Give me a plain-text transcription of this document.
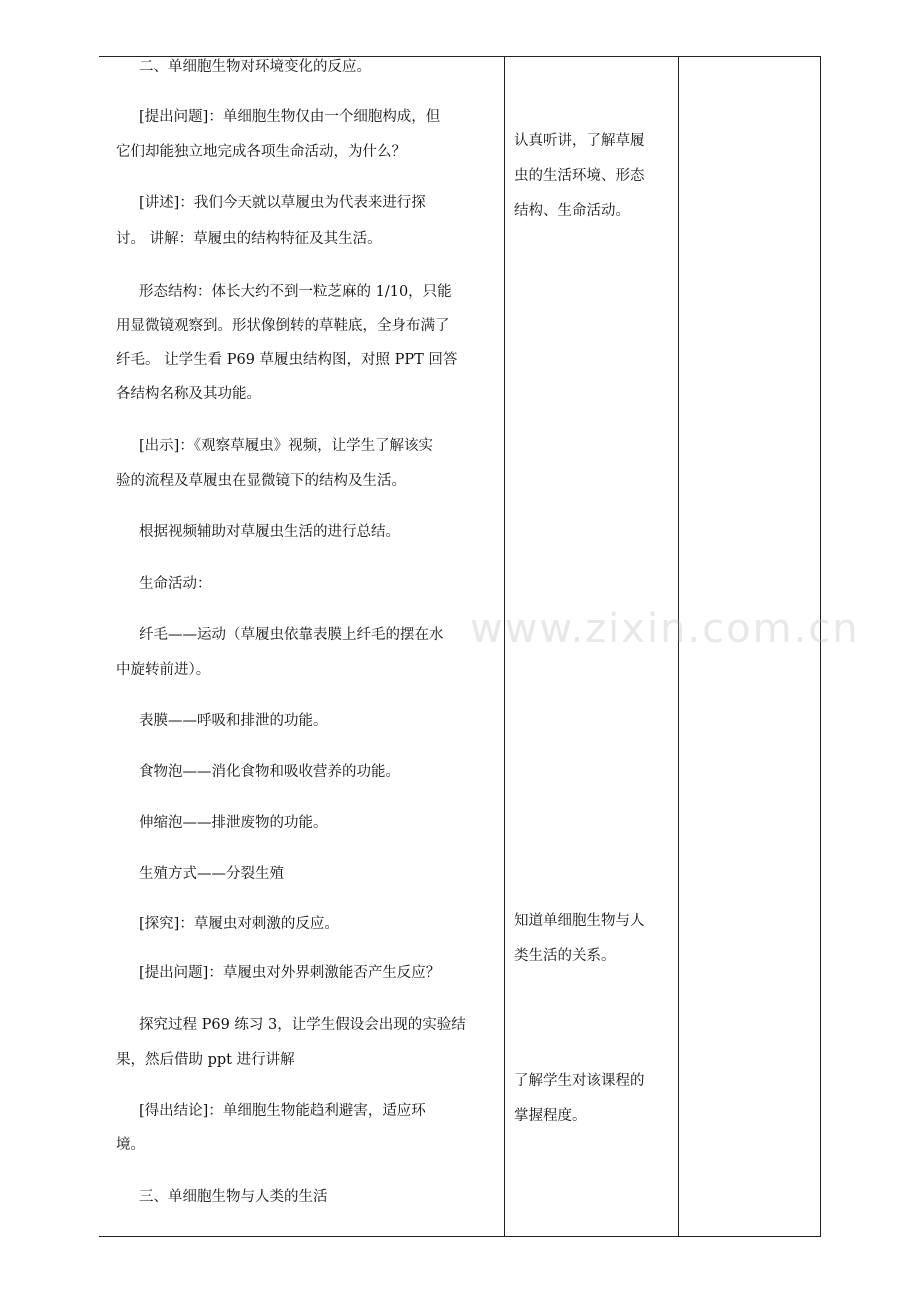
二、单细胞生物对环境变化的反应。

[提出问题]：单细胞生物仅由一个细胞构成，但

它们却能独立地完成各项生命活动，为什么？

[讲述]：我们今天就以草履虫为代表来进行探

讨。 讲解：草履虫的结构特征及其生活。

形态结构：体长大约不到一粒芝麻的 1/10，只能

用显微镜观察到。形状像倒转的草鞋底，全身布满了

纤毛。 让学生看 P69 草履虫结构图，对照 PPT 回答

各结构名称及其功能。

[出示]：《观察草履虫》视频，让学生了解该实

验的流程及草履虫在显微镜下的结构及生活。

根据视频辅助对草履虫生活的进行总结。

生命活动：

纤毛——运动（草履虫依靠表膜上纤毛的摆在水

中旋转前进）。

表膜——呼吸和排泄的功能。

食物泡——消化食物和吸收营养的功能。

伸缩泡——排泄废物的功能。

生殖方式——分裂生殖

[探究]：草履虫对刺激的反应。

[提出问题]：草履虫对外界刺激能否产生反应？

探究过程 P69 练习 3，让学生假设会出现的实验结

果，然后借助 ppt 进行讲解

[得出结论]：单细胞生物能趋利避害，适应环

境。

三、单细胞生物与人类的生活

认真听讲，了解草履

虫的生活环境、形态

结构、生命活动。

知道单细胞生物与人

类生活的关系。

了解学生对该课程的

掌握程度。

www.zixin.com.cn
